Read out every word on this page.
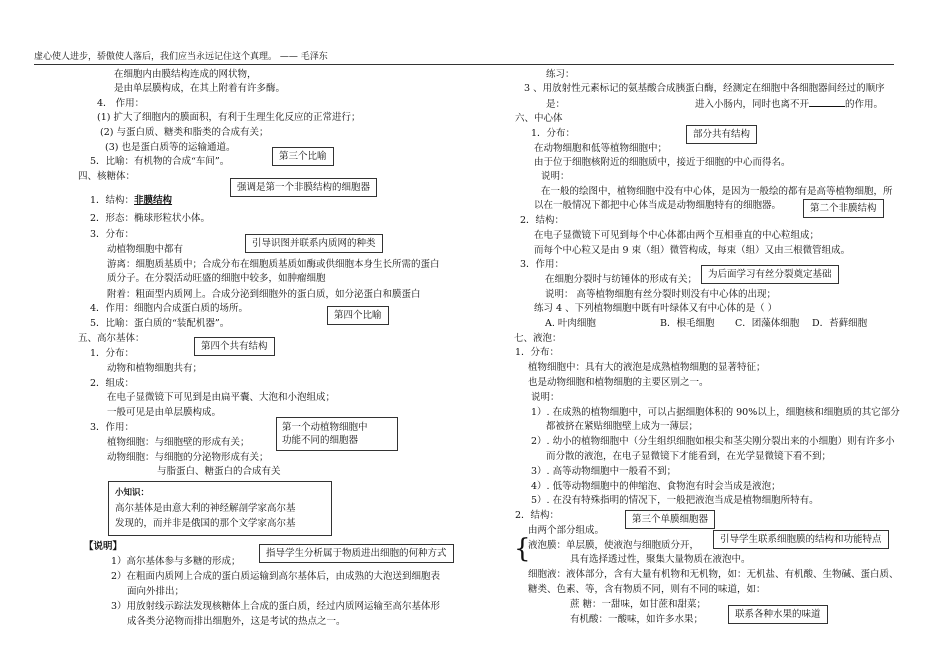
虚心使人进步，骄傲使人落后，我们应当永远记住这个真理。 —— 毛泽东
在细胞内由膜结构连成的网状物，
是由单层膜构成，在其上附着有许多酶。
4． 作用：
(1) 扩大了细胞内的膜面积，有利于生理生化反应的正常进行；
(2) 与蛋白质、糖类和脂类的合成有关；
(3) 也是蛋白质等的运输通道。
5．比喻：有机物的合成“车间”。	第三个比喻
四、核糖体：
强调是第一个非膜结构的细胞器
1．结构：非膜结构
2．形态：椭球形粒状小体。
3．分布：
动植物细胞中都有
引导识图并联系内质网的种类
游离：细胞质基质中；合成分布在细胞质基质如酶或供细胞本身生长所需的蛋白
质分子。在分裂活动旺盛的细胞中较多，如肿瘤细胞
附着：粗面型内质网上。合成分泌到细胞外的蛋白质，如分泌蛋白和膜蛋白
4．作用：细胞内合成蛋白质的场所。
第四个比喻
5．比喻：蛋白质的“装配机器”。
五、高尔基体：
第四个共有结构
1．分布：
动物和植物细胞共有；
2．组成：
在电子显微镜下可见到是由扁平囊、大泡和小泡组成；
一般可见是由单层膜构成。
3．作用：	第一个动植物细胞中
功能不同的细胞器
植物细胞：与细胞壁的形成有关；
动物细胞：与细胞的分泌物形成有关；
与脂蛋白、糖蛋白的合成有关
小知识：
高尔基体是由意大利的神经解剖学家高尔基
发现的，而并非是俄国的那个文学家高尔基
【说明】
指导学生分析属于物质进出细胞的何种方式
1）高尔基体参与多糖的形成；
2）在粗面内质网上合成的蛋白质运输到高尔基体后，由成熟的大泡送到细胞表
面向外排出；
3）用放射线示踪法发现核糖体上合成的蛋白质，经过内质网运输至高尔基体形
成各类分泌物而排出细胞外，这是考试的热点之一。
练习：
3 、用放射性元素标记的氨基酸合成胰蛋白酶，经测定在细胞中各细胞器间经过的顺序
是：	进入小肠内，同时也离不开	的作用。
六、中心体
1．分布：	部分共有结构
在动物细胞和低等植物细胞中；
由于位于细胞核附近的细胞质中，接近于细胞的中心而得名。
说明：
在一般的绘图中，植物细胞中没有中心体，是因为一般绘的都有是高等植物细胞，所
以在一般情况下都把中心体当成是动物细胞特有的细胞器。	第二个非膜结构
2．结构：
在电子显微镜下可见到每个中心体都由两个互相垂直的中心粒组成；
而每个中心粒又是由 9 束（组）微管构成，每束（组）又由三根微管组成。
3．作用：
在细胞分裂时与纺锤体的形成有关；	为后面学习有丝分裂奠定基础
说明： 高等植物细胞有丝分裂时则没有中心体的出现；
练习 4 、下列植物细胞中既有叶绿体又有中心体的是（ ）
A. 叶肉细胞	B．根毛细胞 C．团藻体细胞 D．苔藓细胞
七、液泡：
1．分布：
植物细胞中：具有大的液泡是成熟植物细胞的显著特征；
也是动物细胞和植物细胞的主要区别之一。
说明：
1）. 在成熟的植物细胞中，可以占据细胞体积的 90%以上，细胞核和细胞质的其它部分
都被挤在紧贴细胞壁上成为一薄层；
2）. 幼小的植物细胞中（分生组织细胞如根尖和茎尖刚分裂出来的小细胞）则有许多小
而分散的液泡，在电子显微镜下才能看到，在光学显微镜下看不到；
3）. 高等动物细胞中一般看不到；
4）. 低等动物细胞中的伸缩泡、食物泡有时会当成是液泡；
5）. 在没有特殊指明的情况下，一般把液泡当成是植物细胞所特有。
2．结构：	第三个单膜细胞器
由两个部分组成。
引导学生联系细胞膜的结构和功能特点
{
液泡膜：单层膜，使液泡与细胞质分开，
具有选择透过性，聚集大量物质在液泡中。
细胞液：液体部分，含有大量有机物和无机物，如：无机盐、有机酸、生物碱、蛋白质、
糖类、色素、等，含有物质不同，则有不同的味道，如：
蔗 糖：一甜味，如甘蔗和甜菜；
有机酸：一酸味，如许多水果；	联系各种水果的味道
